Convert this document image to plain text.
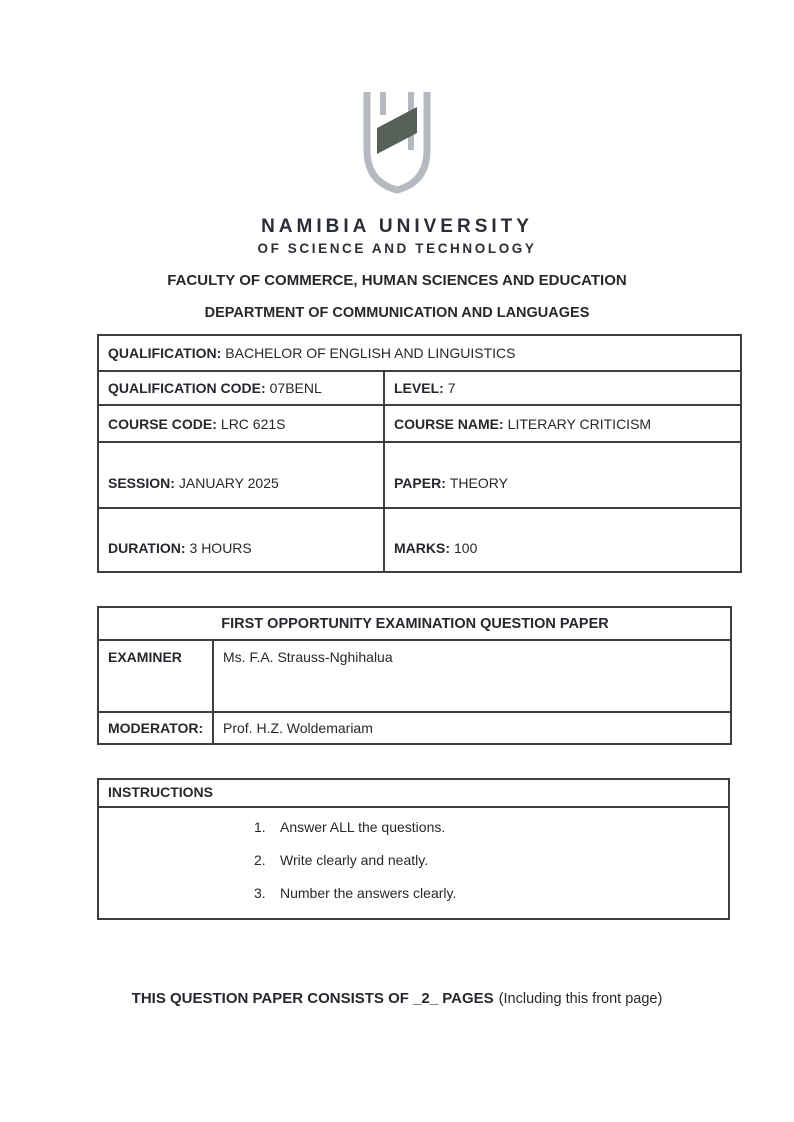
NAMIBIA UNIVERSITY
OF SCIENCE AND TECHNOLOGY
FACULTY OF COMMERCE, HUMAN SCIENCES AND EDUCATION
DEPARTMENT OF COMMUNICATION AND LANGUAGES
QUALIFICATION: BACHELOR OF ENGLISH AND LINGUISTICS	
QUALIFICATION CODE: 07BENL	LEVEL: 7
COURSE CODE: LRC 621S	COURSE NAME: LITERARY CRITICISM
SESSION: JANUARY 2025	PAPER: THEORY
DURATION: 3 HOURS	MARKS: 100
FIRST OPPORTUNITY EXAMINATION QUESTION PAPER	
EXAMINER	Ms. F.A. Strauss-Nghihalua
MODERATOR:	Prof. H.Z. Woldemariam
INSTRUCTIONS

1. Answer ALL the questions.
2. Write clearly and neatly.
3. Number the answers clearly.
THIS QUESTION PAPER CONSISTS OF _2_ PAGES (Including this front page)
